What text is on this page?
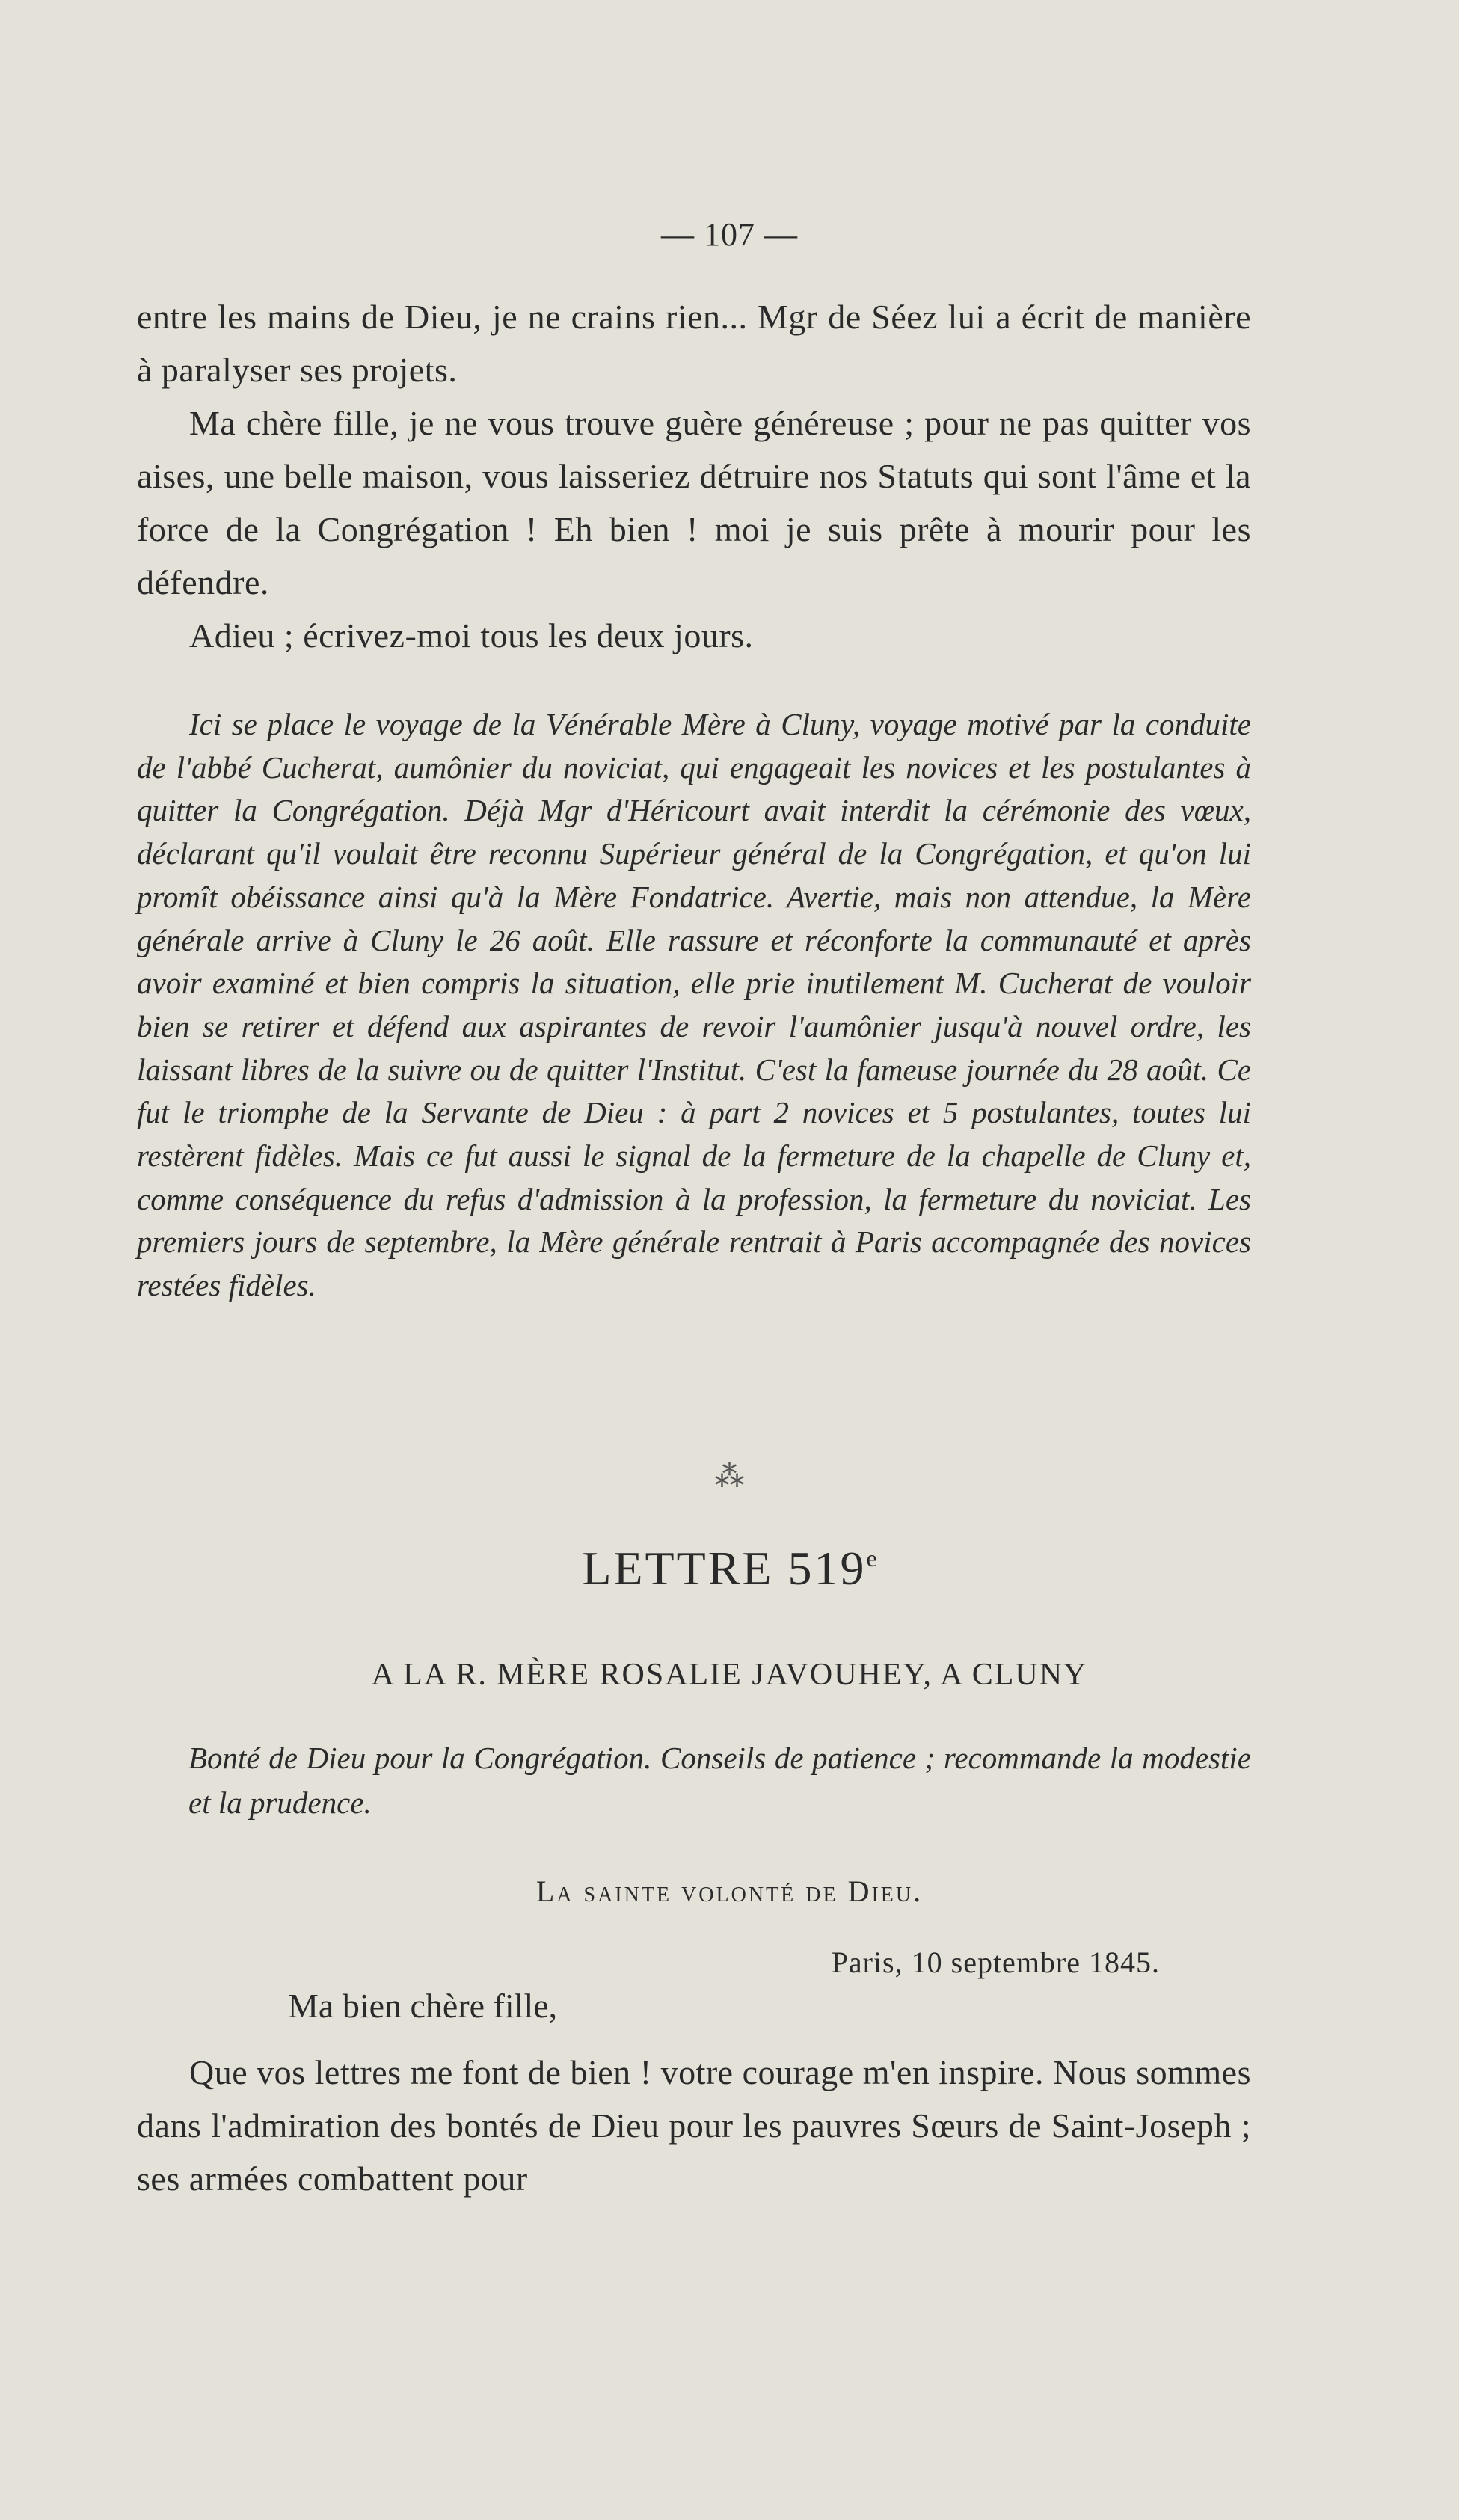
— 107 —

entre les mains de Dieu, je ne crains rien... Mgr de Séez lui a écrit de manière à paralyser ses projets.

Ma chère fille, je ne vous trouve guère généreuse ; pour ne pas quitter vos aises, une belle maison, vous laisseriez détruire nos Statuts qui sont l'âme et la force de la Congrégation ! Eh bien ! moi je suis prête à mourir pour les défendre.

Adieu ; écrivez-moi tous les deux jours.

Ici se place le voyage de la Vénérable Mère à Cluny, voyage motivé par la conduite de l'abbé Cucherat, aumônier du noviciat, qui engageait les novices et les postulantes à quitter la Congrégation. Déjà Mgr d'Héricourt avait interdit la cérémonie des vœux, déclarant qu'il voulait être reconnu Supérieur général de la Congrégation, et qu'on lui promît obéissance ainsi qu'à la Mère Fondatrice. Avertie, mais non attendue, la Mère générale arrive à Cluny le 26 août. Elle rassure et réconforte la communauté et après avoir examiné et bien compris la situation, elle prie inutilement M. Cucherat de vouloir bien se retirer et défend aux aspirantes de revoir l'aumônier jusqu'à nouvel ordre, les laissant libres de la suivre ou de quitter l'Institut. C'est la fameuse journée du 28 août. Ce fut le triomphe de la Servante de Dieu : à part 2 novices et 5 postulantes, toutes lui restèrent fidèles. Mais ce fut aussi le signal de la fermeture de la chapelle de Cluny et, comme conséquence du refus d'admission à la profession, la fermeture du noviciat. Les premiers jours de septembre, la Mère générale rentrait à Paris accompagnée des novices restées fidèles.

⁂
LETTRE 519e
A LA R. MÈRE ROSALIE JAVOUHEY, A CLUNY

Bonté de Dieu pour la Congrégation. Conseils de patience ; recommande la modestie et la prudence.

La sainte volonté de Dieu.
Paris, 10 septembre 1845.
Ma bien chère fille,

Que vos lettres me font de bien ! votre courage m'en inspire. Nous sommes dans l'admiration des bontés de Dieu pour les pauvres Sœurs de Saint-Joseph ; ses armées combattent pour
